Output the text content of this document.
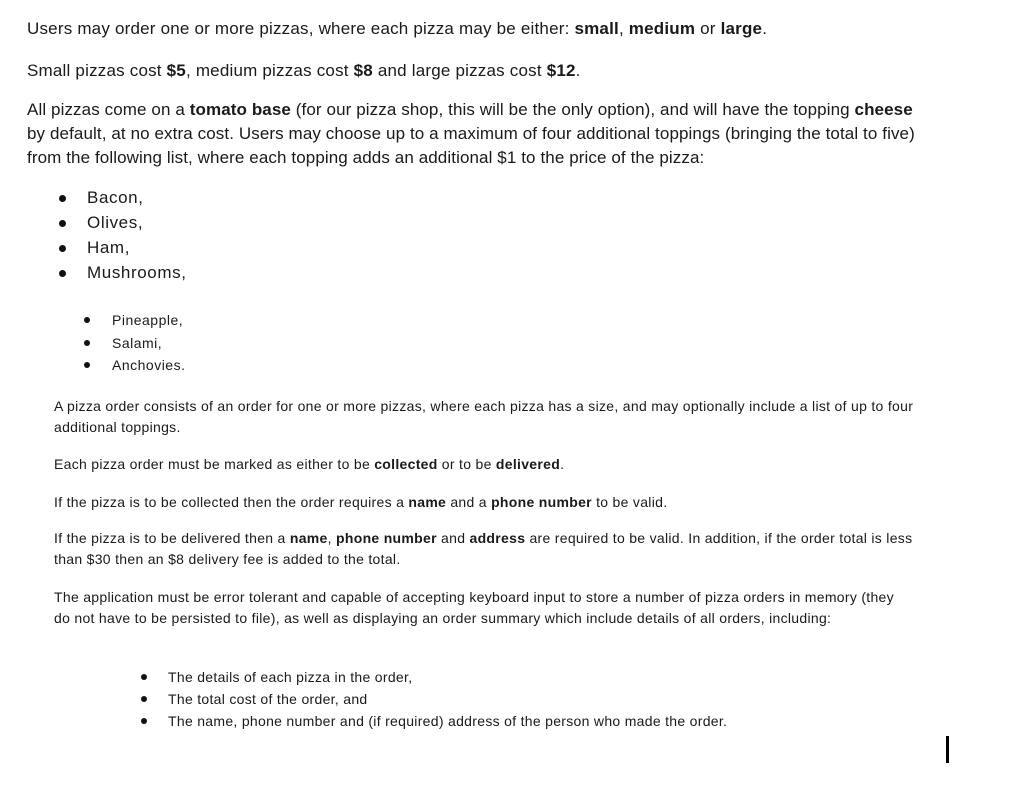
Users may order one or more pizzas, where each pizza may be either: small, medium or large.
Small pizzas cost $5, medium pizzas cost $8 and large pizzas cost $12.
All pizzas come on a tomato base (for our pizza shop, this will be the only option), and will have the topping cheese by default, at no extra cost. Users may choose up to a maximum of four additional toppings (bringing the total to five) from the following list, where each topping adds an additional $1 to the price of the pizza:
Bacon,
Olives,
Ham,
Mushrooms,
Pineapple,
Salami,
Anchovies.
A pizza order consists of an order for one or more pizzas, where each pizza has a size, and may optionally include a list of up to four additional toppings.
Each pizza order must be marked as either to be collected or to be delivered.
If the pizza is to be collected then the order requires a name and a phone number to be valid.
If the pizza is to be delivered then a name, phone number and address are required to be valid. In addition, if the order total is less than $30 then an $8 delivery fee is added to the total.
The application must be error tolerant and capable of accepting keyboard input to store a number of pizza orders in memory (they do not have to be persisted to file), as well as displaying an order summary which include details of all orders, including:
The details of each pizza in the order,
The total cost of the order, and
The name, phone number and (if required) address of the person who made the order.
